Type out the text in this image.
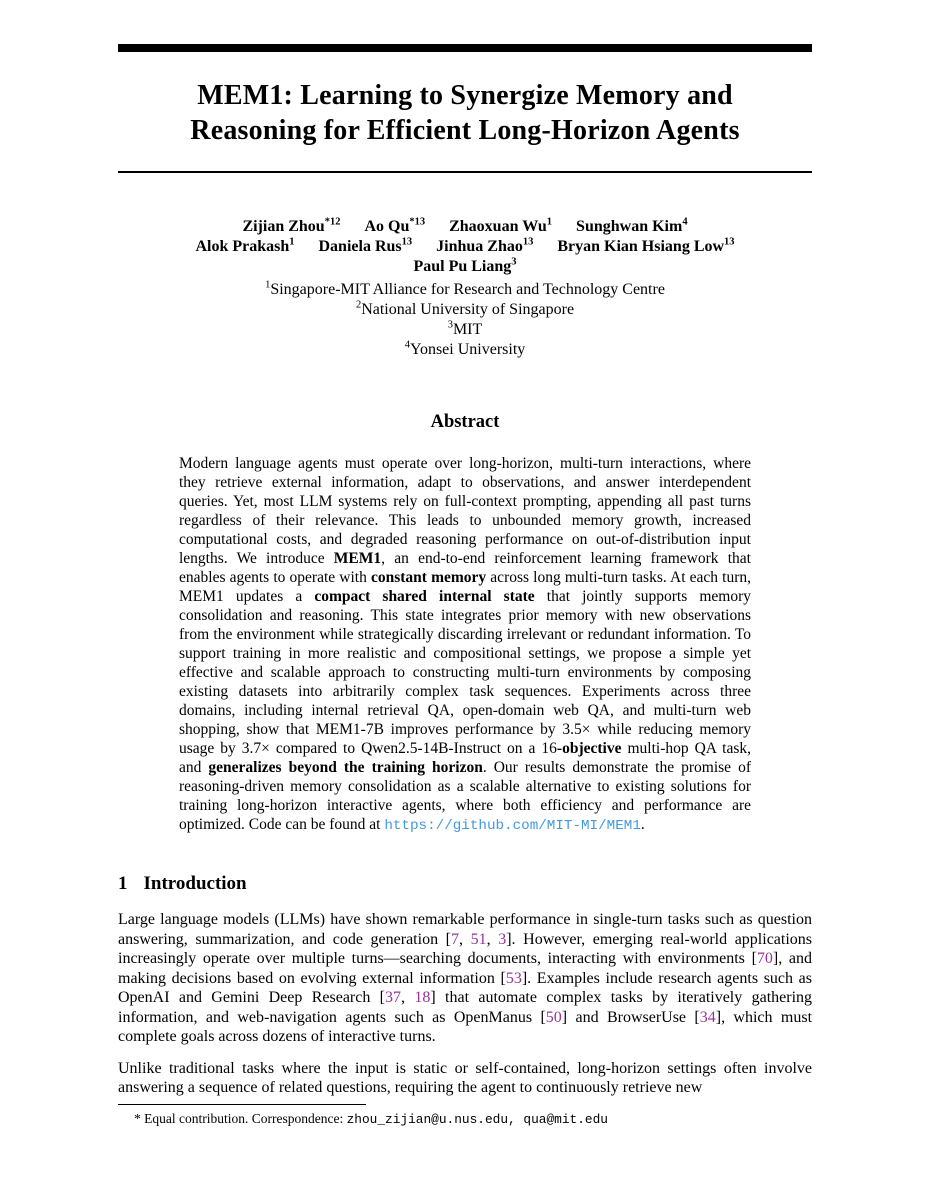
MEM1: Learning to Synergize Memory and
Reasoning for Efficient Long-Horizon Agents
Zijian Zhou$^{*12}$ Ao Qu$^{*13}$ Zhaoxuan Wu$^1$ Sunghwan Kim$^4$
Alok Prakash$^1$ Daniela Rus$^{13}$ Jinhua Zhao$^{13}$ Bryan Kian Hsiang Low$^{13}$
Paul Pu Liang$^3$
$^1$Singapore-MIT Alliance for Research and Technology Centre
$^2$National University of Singapore
$^3$MIT
$^4$Yonsei University
Abstract
Modern language agents must operate over long-horizon, multi-turn interactions, where they retrieve external information, adapt to observations, and answer interdependent queries. Yet, most LLM systems rely on full-context prompting, appending all past turns regardless of their relevance. This leads to unbounded memory growth, increased computational costs, and degraded reasoning performance on out-of-distribution input lengths. We introduce MEM1, an end-to-end reinforcement learning framework that enables agents to operate with constant memory across long multi-turn tasks. At each turn, MEM1 updates a compact shared internal state that jointly supports memory consolidation and reasoning. This state integrates prior memory with new observations from the environment while strategically discarding irrelevant or redundant information. To support training in more realistic and compositional settings, we propose a simple yet effective and scalable approach to constructing multi-turn environments by composing existing datasets into arbitrarily complex task sequences. Experiments across three domains, including internal retrieval QA, open-domain web QA, and multi-turn web shopping, show that MEM1-7B improves performance by 3.5× while reducing memory usage by 3.7× compared to Qwen2.5-14B-Instruct on a 16-objective multi-hop QA task, and generalizes beyond the training horizon. Our results demonstrate the promise of reasoning-driven memory consolidation as a scalable alternative to existing solutions for training long-horizon interactive agents, where both efficiency and performance are optimized. Code can be found at https://github.com/MIT-MI/MEM1.
1 Introduction
Large language models (LLMs) have shown remarkable performance in single-turn tasks such as question answering, summarization, and code generation [7, 51, 3]. However, emerging real-world applications increasingly operate over multiple turns—searching documents, interacting with environments [70], and making decisions based on evolving external information [53]. Examples include research agents such as OpenAI and Gemini Deep Research [37, 18] that automate complex tasks by iteratively gathering information, and web-navigation agents such as OpenManus [50] and BrowserUse [34], which must complete goals across dozens of interactive turns.
Unlike traditional tasks where the input is static or self-contained, long-horizon settings often involve answering a sequence of related questions, requiring the agent to continuously retrieve new
* Equal contribution. Correspondence: zhou_zijian@u.nus.edu, qua@mit.edu
